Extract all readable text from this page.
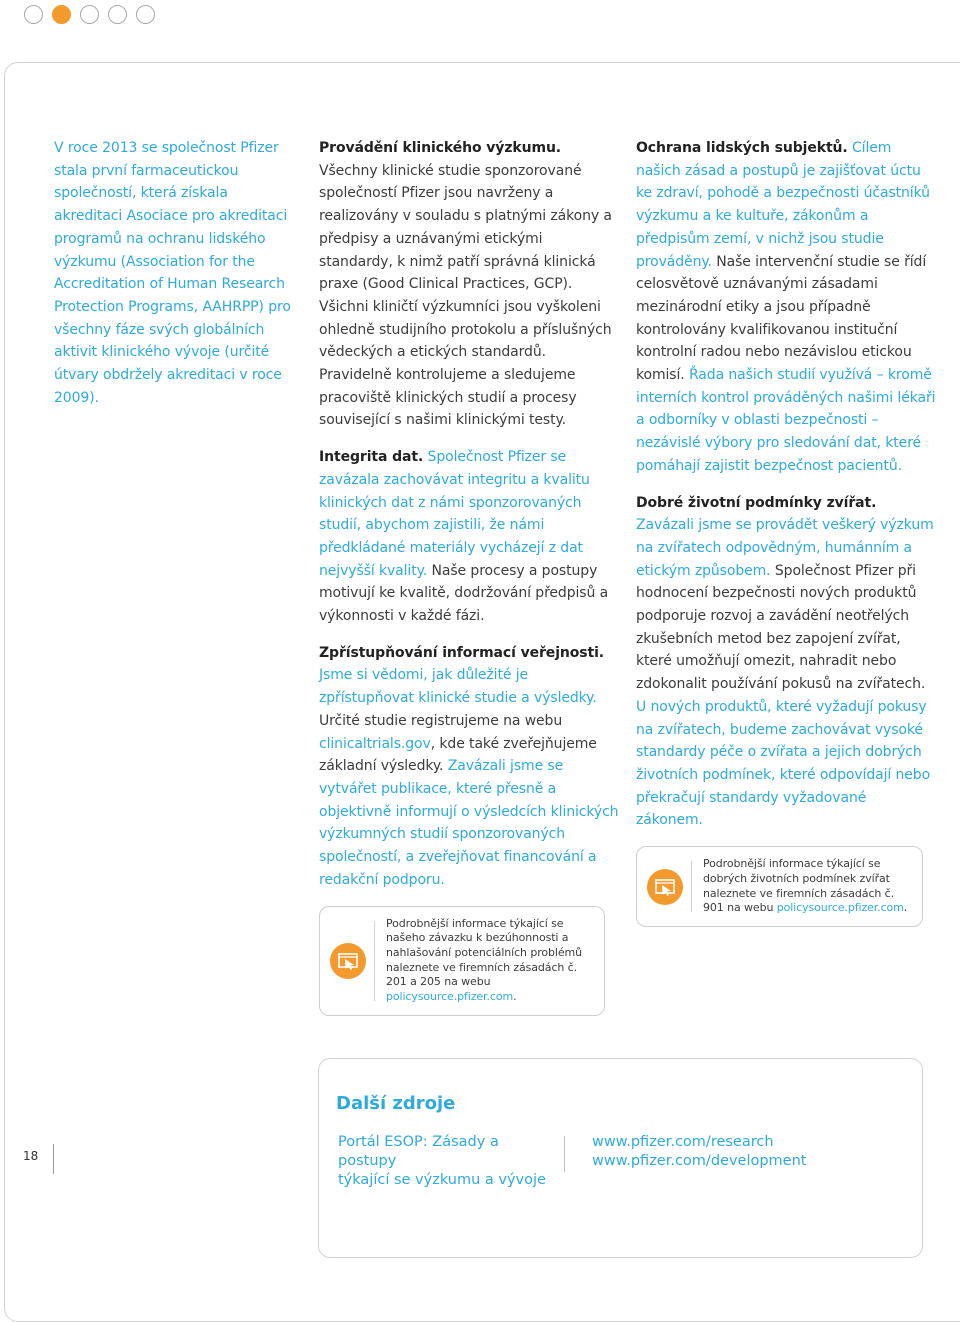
V roce 2013 se společnost Pfizer stala první farmaceutickou společností, která získala akreditaci Asociace pro akreditaci programů na ochranu lidského výzkumu (Association for the Accreditation of Human Research Protection Programs, AAHRPP) pro všechny fáze svých globálních aktivit klinického vývoje (určité útvary obdržely akreditaci v roce 2009).

Provádění klinického výzkumu. Všechny klinické studie sponzorované společností Pfizer jsou navrženy a realizovány v souladu s platnými zákony a předpisy a uznávanými etickými standardy, k nimž patří správná klinická praxe (Good Clinical Practices, GCP). Všichni kliničtí výzkumníci jsou vyškoleni ohledně studijního protokolu a příslušných vědeckých a etických standardů. Pravidelně kontrolujeme a sledujeme pracoviště klinických studií a procesy související s našimi klinickými testy.

Integrita dat. Společnost Pfizer se zavázala zachovávat integritu a kvalitu klinických dat z námi sponzorovaných studií, abychom zajistili, že námi předkládané materiály vycházejí z dat nejvyšší kvality. Naše procesy a postupy motivují ke kvalitě, dodržování předpisů a výkonnosti v každé fázi.

Zpřístupňování informací veřejnosti. Jsme si vědomi, jak důležité je zpřístupňovat klinické studie a výsledky. Určité studie registrujeme na webu clinicaltrials.gov, kde také zveřejňujeme základní výsledky. Zavázali jsme se vytvářet publikace, které přesně a objektivně informují o výsledcích klinických výzkumných studií sponzorovaných společností, a zveřejňovat financování a redakční podporu.

Podrobnější informace týkající se našeho závazku k bezúhonnosti a nahlašování potenciálních problémů naleznete ve firemních zásadách č. 201 a 205 na webu policysource.pfizer.com.

Ochrana lidských subjektů. Cílem našich zásad a postupů je zajišťovat úctu ke zdraví, pohodě a bezpečnosti účastníků výzkumu a ke kultuře, zákonům a předpisům zemí, v nichž jsou studie prováděny. Naše intervenční studie se řídí celosvětově uznávanými zásadami mezinárodní etiky a jsou případně kontrolovány kvalifikovanou instituční kontrolní radou nebo nezávislou etickou komisí. Řada našich studií využívá – kromě interních kontrol prováděných našimi lékaři a odborníky v oblasti bezpečnosti – nezávislé výbory pro sledování dat, které pomáhají zajistit bezpečnost pacientů.

Dobré životní podmínky zvířat. Zavázali jsme se provádět veškerý výzkum na zvířatech odpovědným, humánním a etickým způsobem. Společnost Pfizer při hodnocení bezpečnosti nových produktů podporuje rozvoj a zavádění neotřelých zkušebních metod bez zapojení zvířat, které umožňují omezit, nahradit nebo zdokonalit používání pokusů na zvířatech. U nových produktů, které vyžadují pokusy na zvířatech, budeme zachovávat vysoké standardy péče o zvířata a jejich dobrých životních podmínek, které odpovídají nebo překračují standardy vyžadované zákonem.

Podrobnější informace týkající se dobrých životních podmínek zvířat naleznete ve firemních zásadách č. 901 na webu policysource.pfizer.com.
Další zdroje
Portál ESOP: Zásady a postupy
týkající se výzkumu a vývoje
www.pfizer.com/research
www.pfizer.com/development
18
